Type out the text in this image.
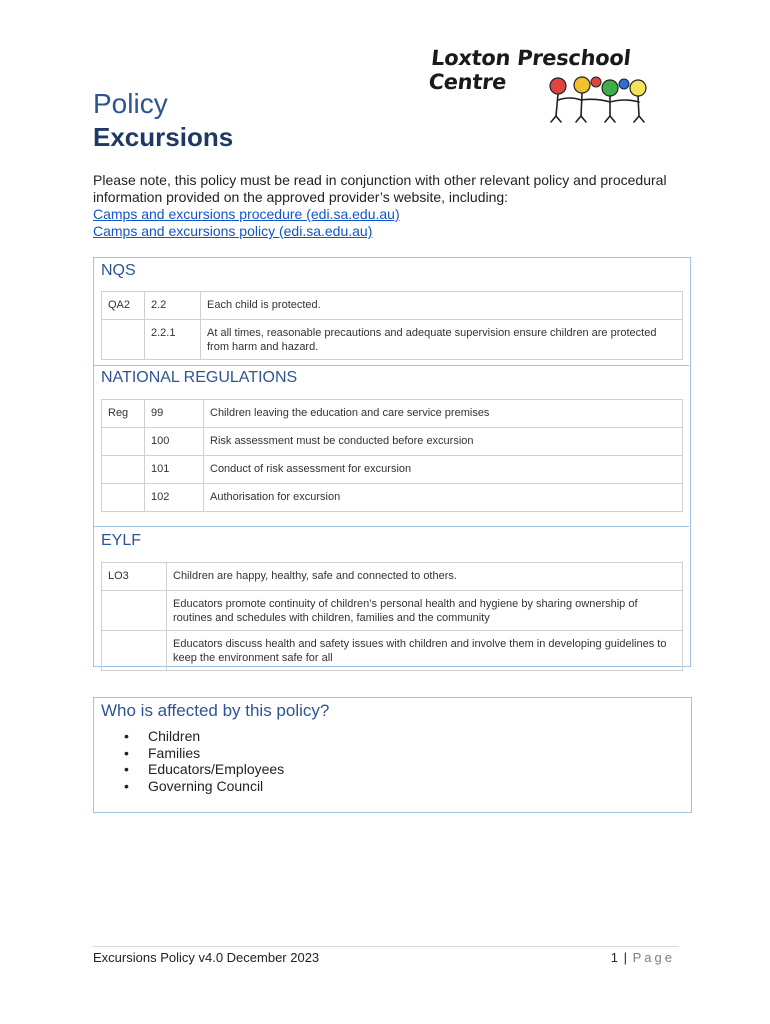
Loxton Preschool Centre
Policy
Excursions
Please note, this policy must be read in conjunction with other relevant policy and procedural information provided on the approved provider’s website, including:
Camps and excursions procedure (edi.sa.edu.au)
Camps and excursions policy (edi.sa.edu.au)
NQS
QA2	2.2	Each child is protected.
	2.2.1	At all times, reasonable precautions and adequate supervision ensure children are protected from harm and hazard.
NATIONAL REGULATIONS
Reg	99	Children leaving the education and care service premises
	100	Risk assessment must be conducted before excursion
	101	Conduct of risk assessment for excursion
	102	Authorisation for excursion
EYLF
LO3	Children are happy, healthy, safe and connected to others.
	Educators promote continuity of children’s personal health and hygiene by sharing ownership of routines and schedules with children, families and the community
	Educators discuss health and safety issues with children and involve them in developing guidelines to keep the environment safe for all
Who is affected by this policy?
• Children
• Families
• Educators/Employees
• Governing Council
Excursions Policy v4.0 December 2023	1 | Page
